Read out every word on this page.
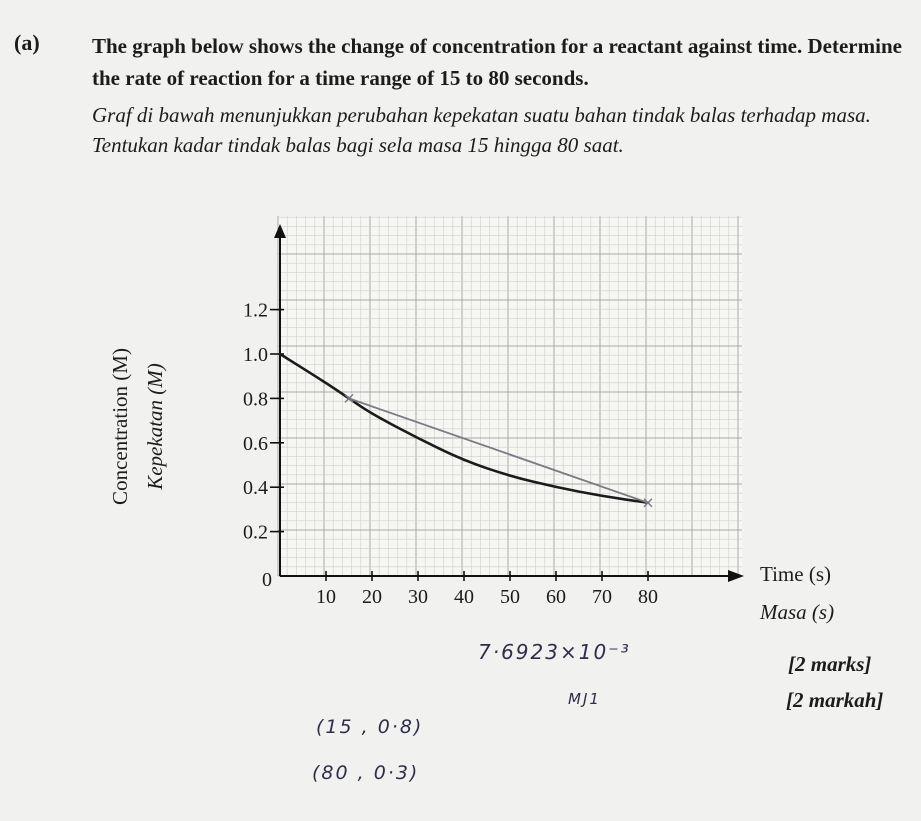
(a) The graph below shows the change of concentration for a reactant against time. Determine the rate of reaction for a time range of 15 to 80 seconds.
Graf di bawah menunjukkan perubahan kepekatan suatu bahan tindak balas terhadap masa. Tentukan kadar tindak balas bagi sela masa 15 hingga 80 saat.
Concentration (M) Kepekatan (M)
10 20 30 40 50 60 70 80
0.2
0.4
0.6
0.8
1.0
1.2
0	Time (s)
Masa (s)
7·6923×10⁻³	[2 marks]
MJ1	[2 markah]
(15 , 0·8)
(80 , 0·3)
